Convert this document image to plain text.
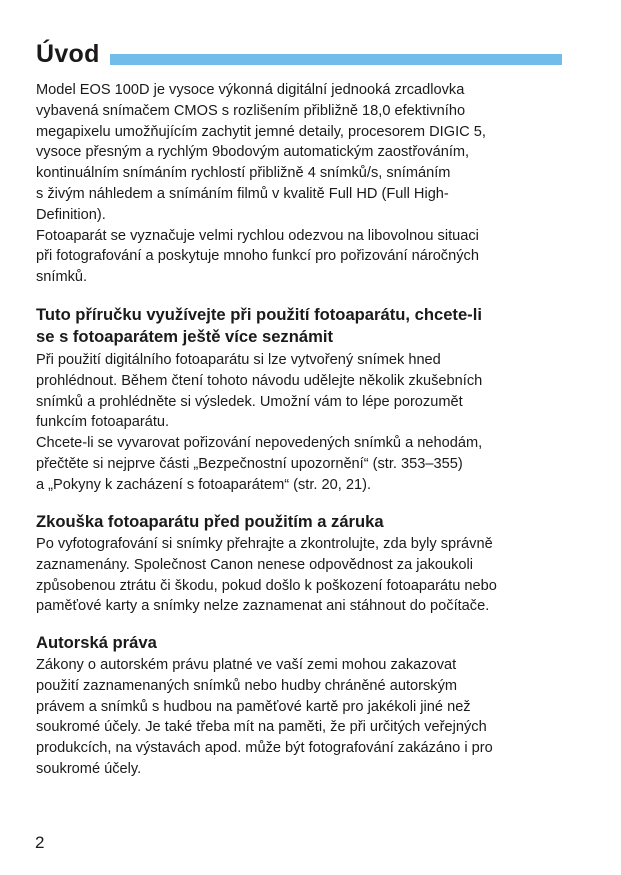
Úvod

Model EOS 100D je vysoce výkonná digitální jednooká zrcadlovka
vybavená snímačem CMOS s rozlišením přibližně 18,0 efektivního
megapixelu umožňujícím zachytit jemné detaily, procesorem DIGIC 5,
vysoce přesným a rychlým 9bodovým automatickým zaostřováním,
kontinuálním snímáním rychlostí přibližně 4 snímků/s, snímáním
s živým náhledem a snímáním filmů v kvalitě Full HD (Full High-
Definition).
Fotoaparát se vyznačuje velmi rychlou odezvou na libovolnou situaci
při fotografování a poskytuje mnoho funkcí pro pořizování náročných
snímků.

Tuto příručku využívejte při použití fotoaparátu, chcete-li
se s fotoaparátem ještě více seznámit

Při použití digitálního fotoaparátu si lze vytvořený snímek hned
prohlédnout. Během čtení tohoto návodu udělejte několik zkušebních
snímků a prohlédněte si výsledek. Umožní vám to lépe porozumět
funkcím fotoaparátu.
Chcete-li se vyvarovat pořizování nepovedených snímků a nehodám,
přečtěte si nejprve části „Bezpečnostní upozornění“ (str. 353–355)
a „Pokyny k zacházení s fotoaparátem“ (str. 20, 21).

Zkouška fotoaparátu před použitím a záruka

Po vyfotografování si snímky přehrajte a zkontrolujte, zda byly správně
zaznamenány. Společnost Canon nenese odpovědnost za jakoukoli
způsobenou ztrátu či škodu, pokud došlo k poškození fotoaparátu nebo
paměťové karty a snímky nelze zaznamenat ani stáhnout do počítače.

Autorská práva

Zákony o autorském právu platné ve vaší zemi mohou zakazovat
použití zaznamenaných snímků nebo hudby chráněné autorským
právem a snímků s hudbou na paměťové kartě pro jakékoli jiné než
soukromé účely. Je také třeba mít na paměti, že při určitých veřejných
produkcích, na výstavách apod. může být fotografování zakázáno i pro
soukromé účely.

2
